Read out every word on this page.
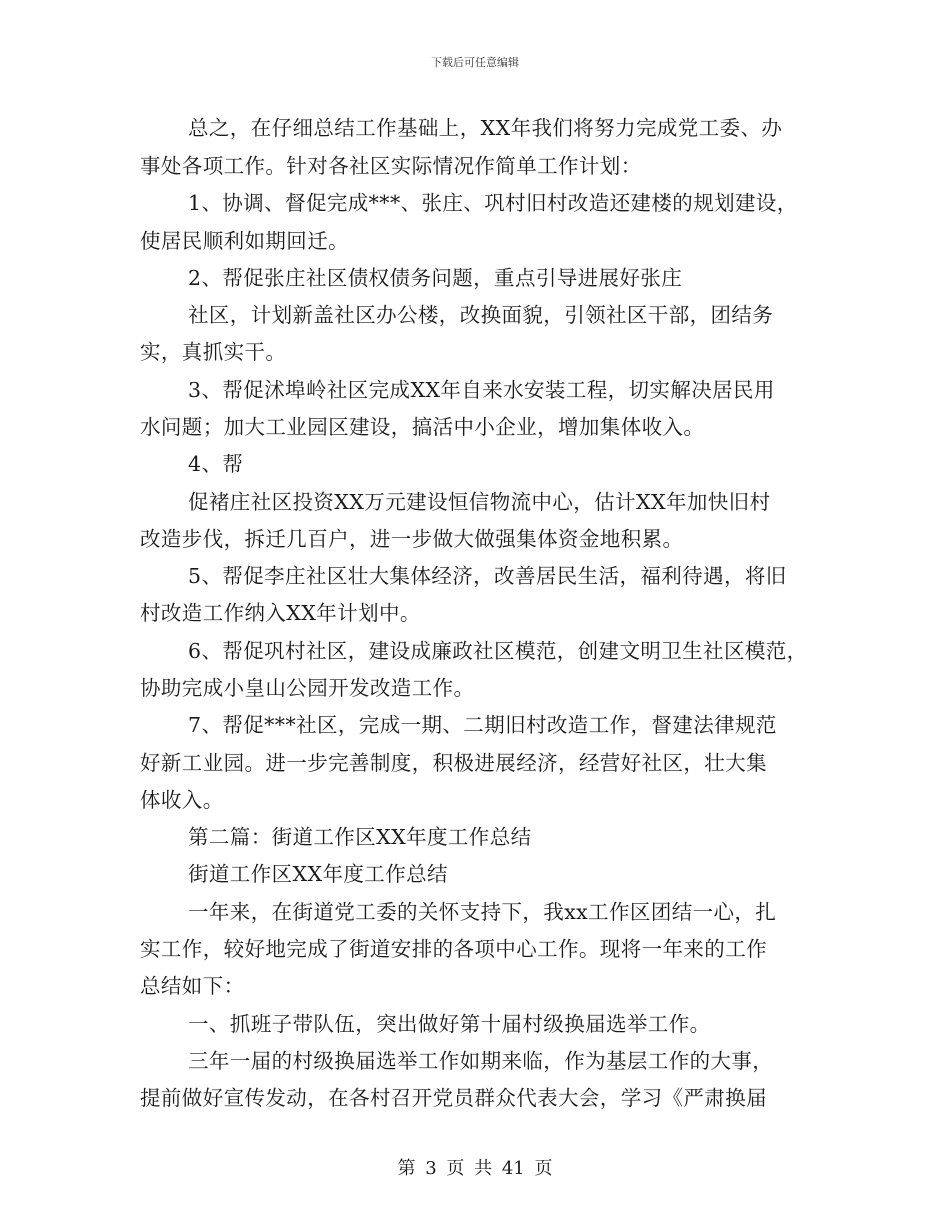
下载后可任意编辑
总之，在仔细总结工作基础上，XX年我们将努力完成党工委、办
事处各项工作。针对各社区实际情况作简单工作计划：
1、协调、督促完成***、张庄、巩村旧村改造还建楼的规划建设，
使居民顺利如期回迁。
2、帮促张庄社区债权债务问题，重点引导进展好张庄
社区，计划新盖社区办公楼，改换面貌，引领社区干部，团结务
实，真抓实干。
3、帮促沭埠岭社区完成XX年自来水安装工程，切实解决居民用
水问题；加大工业园区建设，搞活中小企业，增加集体收入。
4、帮
促褚庄社区投资XX万元建设恒信物流中心，估计XX年加快旧村
改造步伐，拆迁几百户，进一步做大做强集体资金地积累。
5、帮促李庄社区壮大集体经济，改善居民生活，福利待遇，将旧
村改造工作纳入XX年计划中。
6、帮促巩村社区，建设成廉政社区模范，创建文明卫生社区模范，
协助完成小皇山公园开发改造工作。
7、帮促***社区，完成一期、二期旧村改造工作，督建法律规范
好新工业园。进一步完善制度，积极进展经济，经营好社区，壮大集
体收入。
第二篇：街道工作区XX年度工作总结
街道工作区XX年度工作总结
一年来，在街道党工委的关怀支持下，我xx工作区团结一心，扎
实工作，较好地完成了街道安排的各项中心工作。现将一年来的工作
总结如下：
一、抓班子带队伍，突出做好第十届村级换届选举工作。
三年一届的村级换届选举工作如期来临，作为基层工作的大事，
提前做好宣传发动，在各村召开党员群众代表大会，学习《严肃换届
第 3 页 共 41 页
